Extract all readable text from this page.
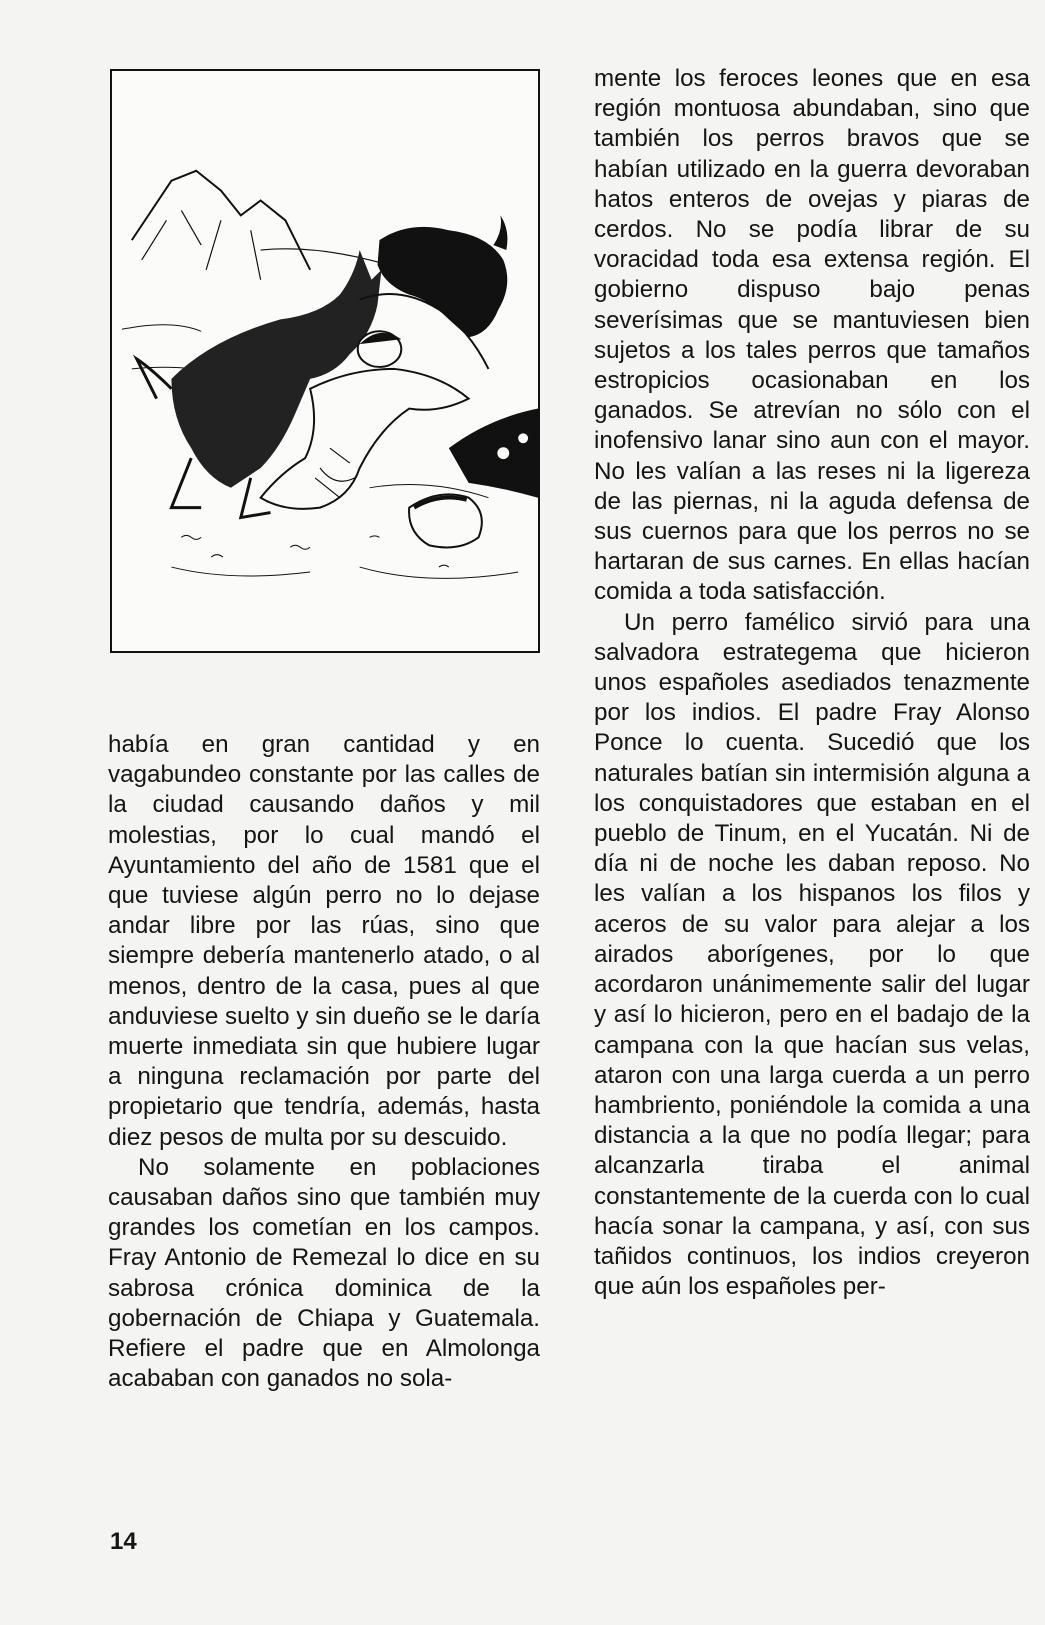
había en gran cantidad y en vagabundeo constante por las calles de la ciudad causando daños y mil molestias, por lo cual mandó el Ayuntamiento del año de 1581 que el que tuviese algún perro no lo dejase andar libre por las rúas, sino que siempre debería mantenerlo atado, o al menos, dentro de la casa, pues al que anduviese suelto y sin dueño se le daría muerte inmediata sin que hubiere lugar a ninguna reclamación por parte del propietario que tendría, además, hasta diez pesos de multa por su descuido.

No solamente en poblaciones causaban daños sino que también muy grandes los cometían en los campos. Fray Antonio de Remezal lo dice en su sabrosa crónica dominica de la gobernación de Chiapa y Guatemala. Refiere el padre que en Almolonga acababan con ganados no sola-

mente los feroces leones que en esa región montuosa abundaban, sino que también los perros bravos que se habían utilizado en la guerra devoraban hatos enteros de ovejas y piaras de cerdos. No se podía librar de su voracidad toda esa extensa región. El gobierno dispuso bajo penas severísimas que se mantuviesen bien sujetos a los tales perros que tamaños estropicios ocasionaban en los ganados. Se atrevían no sólo con el inofensivo lanar sino aun con el mayor. No les valían a las reses ni la ligereza de las piernas, ni la aguda defensa de sus cuernos para que los perros no se hartaran de sus carnes. En ellas hacían comida a toda satisfacción.

Un perro famélico sirvió para una salvadora estrategema que hicieron unos españoles asediados tenazmente por los indios. El padre Fray Alonso Ponce lo cuenta. Sucedió que los naturales batían sin intermisión alguna a los conquistadores que estaban en el pueblo de Tinum, en el Yucatán. Ni de día ni de noche les daban reposo. No les valían a los hispanos los filos y aceros de su valor para alejar a los airados aborígenes, por lo que acordaron unánimemente salir del lugar y así lo hicieron, pero en el badajo de la campana con la que hacían sus velas, ataron con una larga cuerda a un perro hambriento, poniéndole la comida a una distancia a la que no podía llegar; para alcanzarla tiraba el animal constantemente de la cuerda con lo cual hacía sonar la campana, y así, con sus tañidos continuos, los indios creyeron que aún los españoles per-

14
